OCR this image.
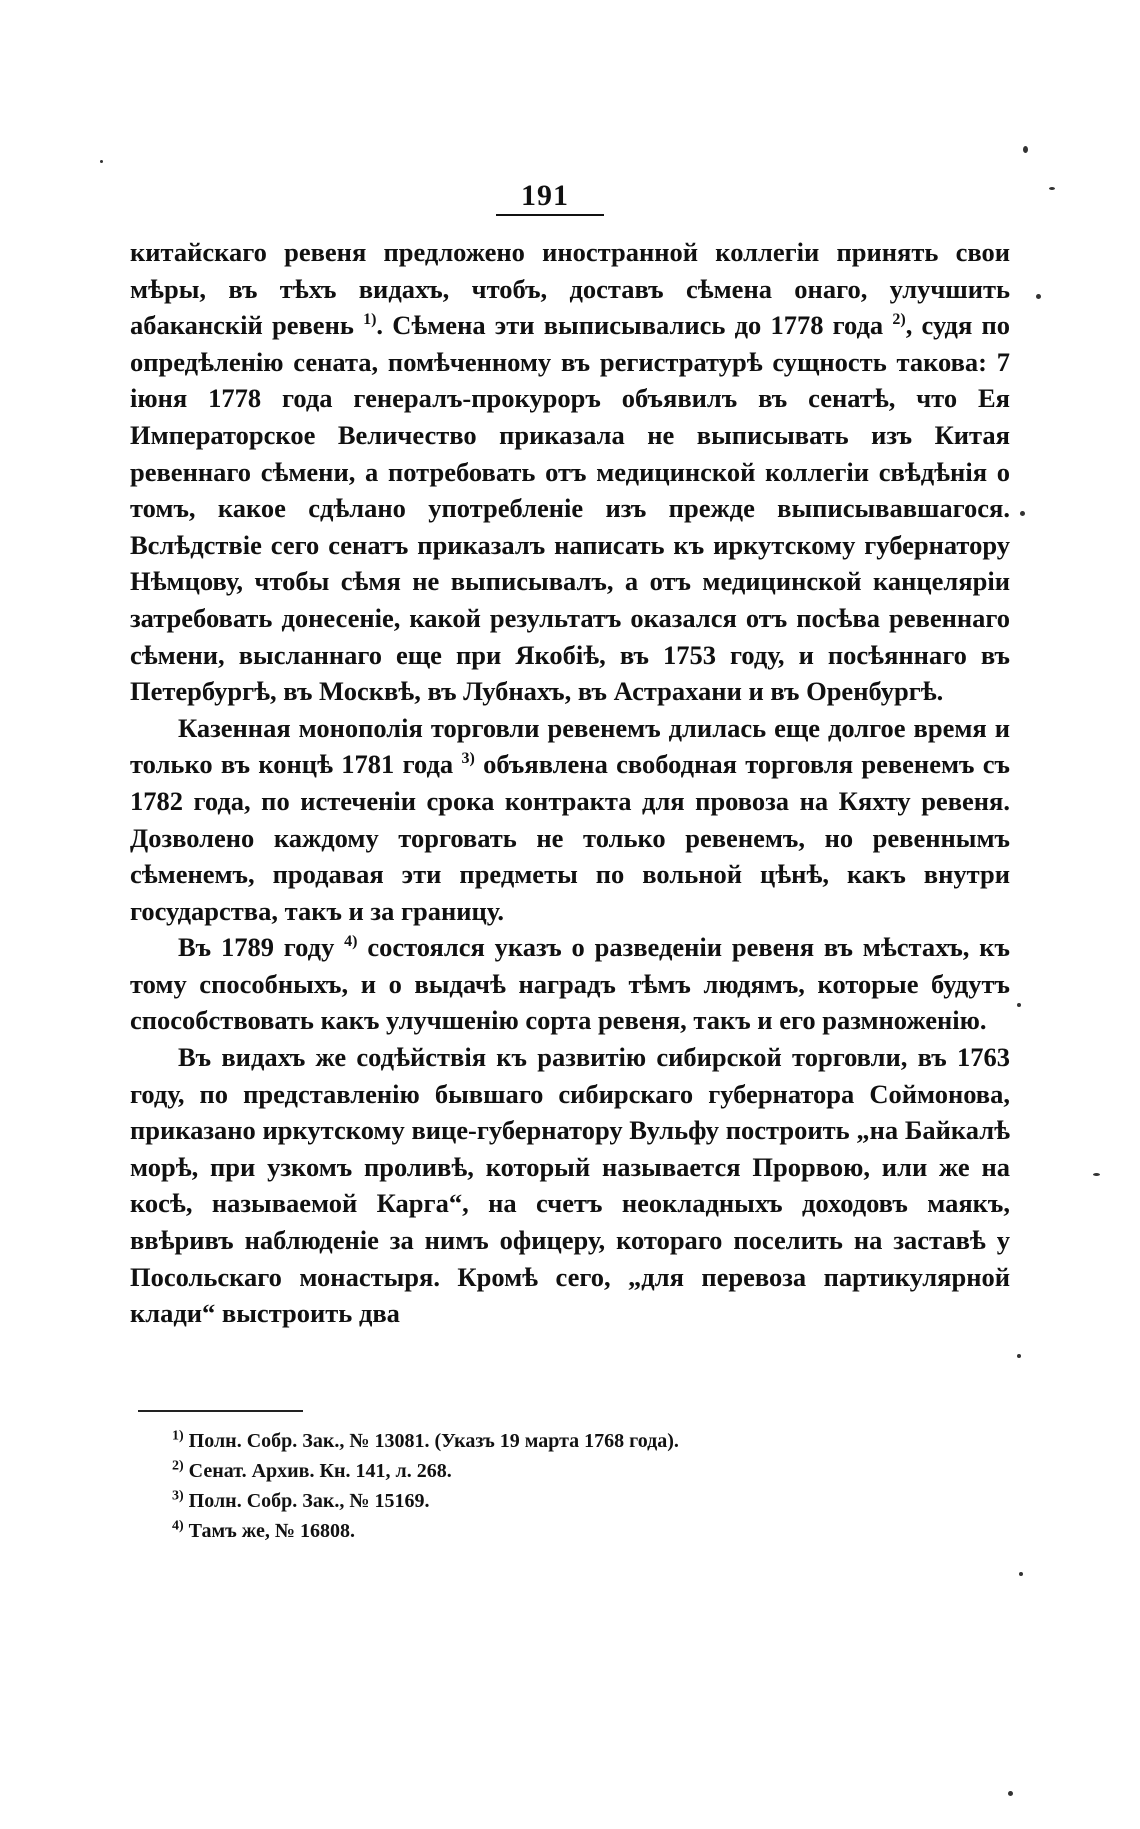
191

китайскаго ревеня предложено иностранной коллегіи принять свои мѣры, въ тѣхъ видахъ, чтобъ, доставъ сѣмена онаго, улучшить абаканскій ревень $^{1)}$. Сѣмена эти выписывались до 1778 года $^{2)}$, судя по опредѣленію сената, помѣченному въ регистратурѣ сущность такова: 7 іюня 1778 года генералъ-прокуроръ объявилъ въ сенатѣ, что Ея Императорское Величество приказала не выписывать изъ Китая ревеннаго сѣмени, а потребовать отъ медицинской коллегіи свѣдѣнія о томъ, какое сдѣлано употребленіе изъ прежде выписывавшагося. Вслѣдствіе сего сенатъ приказалъ написать къ иркутскому губернатору Нѣмцову, чтобы сѣмя не выписывалъ, а отъ медицинской канцеляріи затребовать донесеніе, какой результатъ оказался отъ посѣва ревеннаго сѣмени, высланнаго еще при Якобіѣ, въ 1753 году, и посѣяннаго въ Петербургѣ, въ Москвѣ, въ Лубнахъ, въ Астрахани и въ Оренбургѣ.

Казенная монополія торговли ревенемъ длилась еще долгое время и только въ концѣ 1781 года $^{3)}$ объявлена свободная торговля ревенемъ съ 1782 года, по истеченіи срока контракта для провоза на Кяхту ревеня. Дозволено каждому торговать не только ревенемъ, но ревеннымъ сѣменемъ, продавая эти предметы по вольной цѣнѣ, какъ внутри государства, такъ и за границу.

Въ 1789 году $^{4)}$ состоялся указъ о разведеніи ревеня въ мѣстахъ, къ тому способныхъ, и о выдачѣ наградъ тѣмъ людямъ, которые будутъ способствовать какъ улучшенію сорта ревеня, такъ и его размноженію.

Въ видахъ же содѣйствія къ развитію сибирской торговли, въ 1763 году, по представленію бывшаго сибирскаго губернатора Соймонова, приказано иркутскому вице-губернатору Вульфу построить „на Байкалѣ морѣ, при узкомъ проливѣ, который называется Прорвою, или же на косѣ, называемой Карга“, на счетъ неокладныхъ доходовъ маякъ, ввѣривъ наблюденіе за нимъ офицеру, котораго поселить на заставѣ у Посольскаго монастыря. Кромѣ сего, „для перевоза партикулярной клади“ выстроить два

$^{1)}$ Полн. Собр. Зак., № 13081. (Указъ 19 марта 1768 года).

$^{2)}$ Сенат. Архив. Кн. 141, л. 268.

$^{3)}$ Полн. Собр. Зак., № 15169.

$^{4)}$ Тамъ же, № 16808.
